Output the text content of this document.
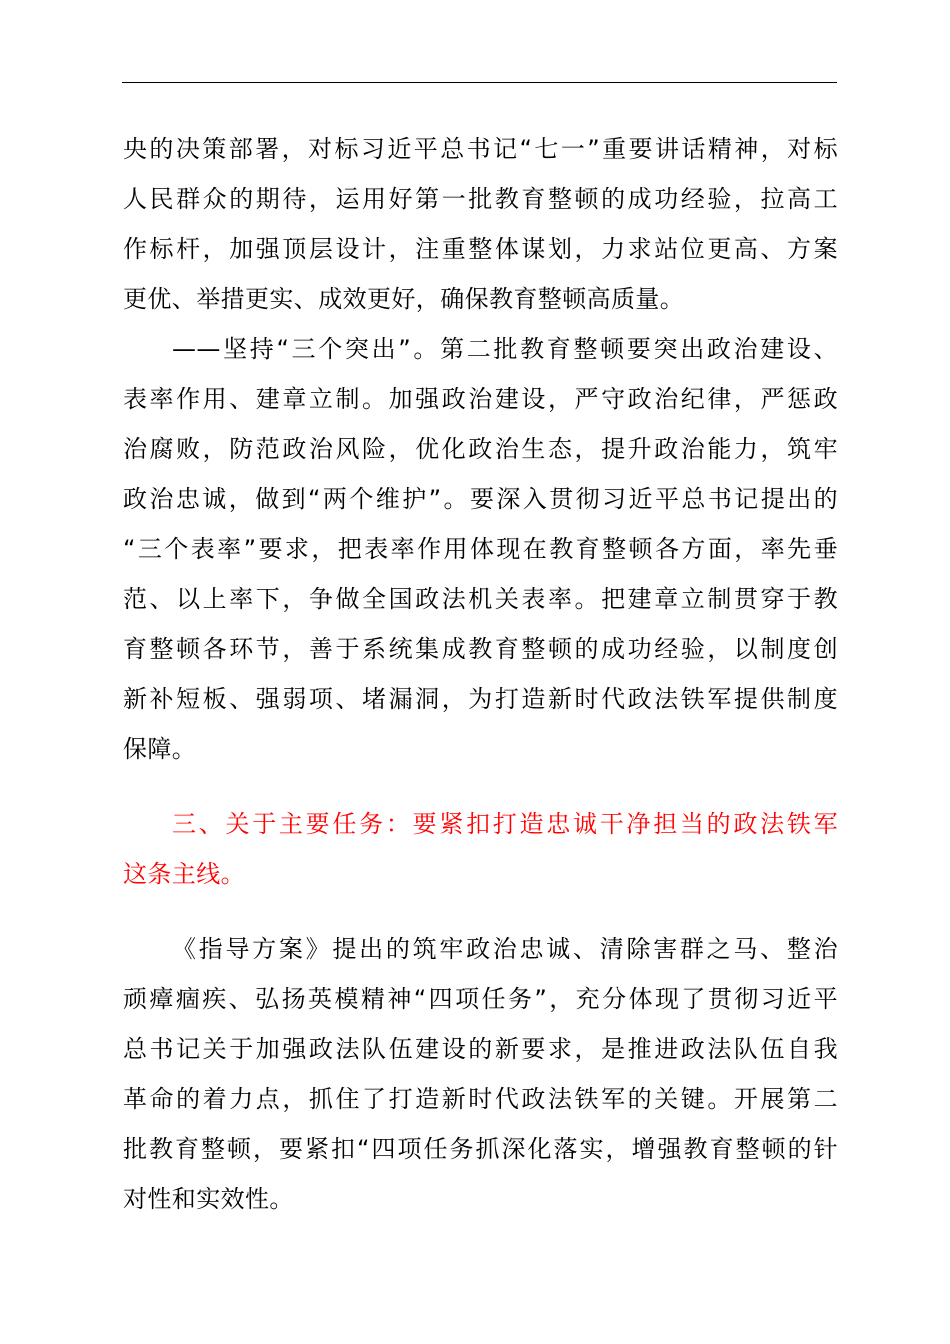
央的决策部署，对标习近平总书记“七一”重要讲话精神，对标
人民群众的期待，运用好第一批教育整顿的成功经验，拉高工
作标杆，加强顶层设计，注重整体谋划，力求站位更高、方案
更优、举措更实、成效更好，确保教育整顿高质量。

——坚持“三个突出”。第二批教育整顿要突出政治建设、
表率作用、建章立制。加强政治建设，严守政治纪律，严惩政
治腐败，防范政治风险，优化政治生态，提升政治能力，筑牢
政治忠诚，做到“两个维护”。要深入贯彻习近平总书记提出的
“三个表率”要求，把表率作用体现在教育整顿各方面，率先垂
范、以上率下，争做全国政法机关表率。把建章立制贯穿于教
育整顿各环节，善于系统集成教育整顿的成功经验，以制度创
新补短板、强弱项、堵漏洞，为打造新时代政法铁军提供制度
保障。

三、关于主要任务：要紧扣打造忠诚干净担当的政法铁军
这条主线。

《指导方案》提出的筑牢政治忠诚、清除害群之马、整治
顽瘴痼疾、弘扬英模精神“四项任务”，充分体现了贯彻习近平
总书记关于加强政法队伍建设的新要求，是推进政法队伍自我
革命的着力点，抓住了打造新时代政法铁军的关键。开展第二
批教育整顿，要紧扣“四项任务抓深化落实，增强教育整顿的针
对性和实效性。
